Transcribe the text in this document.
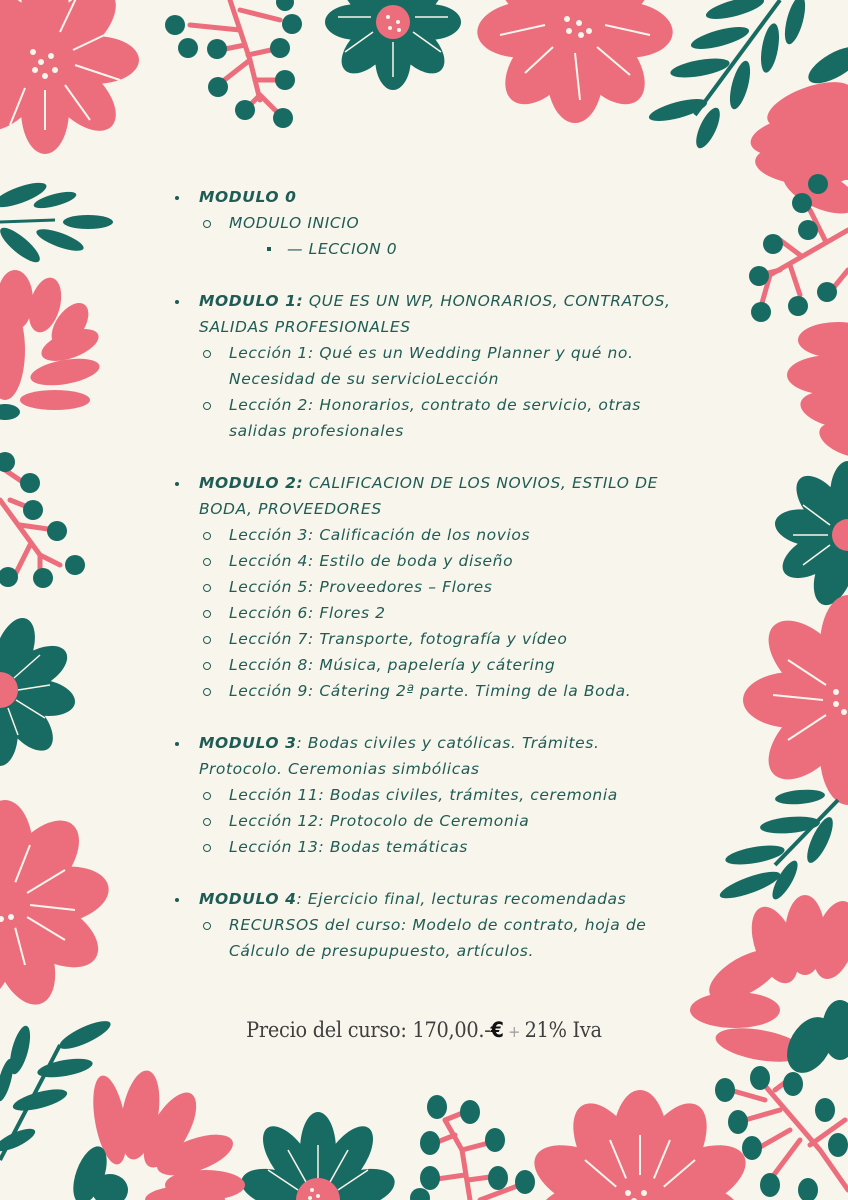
MODULO 0
MODULO INICIO
— LECCION 0
MODULO 1: QUE ES UN WP, HONORARIOS, CONTRATOS, SALIDAS PROFESIONALES
Lección 1: Qué es un Wedding Planner y qué no. Necesidad de su servicioLección
Lección 2: Honorarios, contrato de servicio, otras salidas profesionales
MODULO 2: CALIFICACION DE LOS NOVIOS, ESTILO DE BODA, PROVEEDORES
Lección 3: Calificación de los novios
Lección 4: Estilo de boda y diseño
Lección 5: Proveedores – Flores
Lección 6: Flores 2
Lección 7: Transporte, fotografía y vídeo
Lección 8: Música, papelería y cátering
Lección 9: Cátering 2ª parte. Timing de la Boda.
MODULO 3: Bodas civiles y católicas. Trámites. Protocolo. Ceremonias simbólicas
Lección 11: Bodas civiles, trámites, ceremonia
Lección 12: Protocolo de Ceremonia
Lección 13: Bodas temáticas
MODULO 4: Ejercicio final, lecturas recomendadas
RECURSOS del curso: Modelo de contrato, hoja de Cálculo de presupupuesto, artículos.
Precio del curso: 170,00.-€ + 21% Iva
